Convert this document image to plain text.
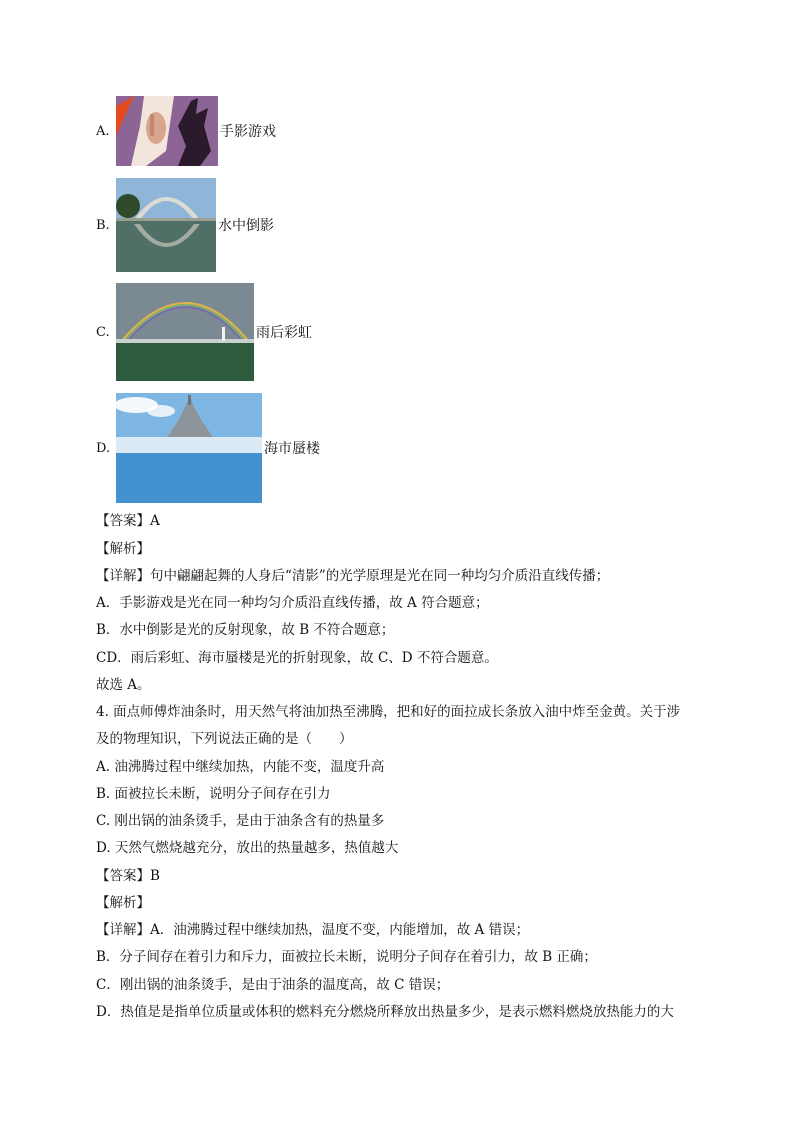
A.	手影游戏
B.	水中倒影
C.	雨后彩虹
D.	海市蜃楼
【答案】A
【解析】
【详解】句中翩翩起舞的人身后“清影”的光学原理是光在同一种均匀介质沿直线传播；
A．手影游戏是光在同一种均匀介质沿直线传播，故 A 符合题意；
B．水中倒影是光的反射现象，故 B 不符合题意；
CD．雨后彩虹、海市蜃楼是光的折射现象，故 C、D 不符合题意。
故选 A。
4. 面点师傅炸油条时，用天然气将油加热至沸腾，把和好的面拉成长条放入油中炸至金黄。关于涉
及的物理知识，下列说法正确的是（　　）
A. 油沸腾过程中继续加热，内能不变，温度升高
B. 面被拉长未断，说明分子间存在引力
C. 刚出锅的油条烫手，是由于油条含有的热量多
D. 天然气燃烧越充分，放出的热量越多，热值越大
【答案】B
【解析】
【详解】A．油沸腾过程中继续加热，温度不变，内能增加，故 A 错误；
B．分子间存在着引力和斥力，面被拉长未断，说明分子间存在着引力，故 B 正确；
C．刚出锅的油条烫手，是由于油条的温度高，故 C 错误；
D．热值是是指单位质量或体积的燃料充分燃烧所释放出热量多少，是表示燃料燃烧放热能力的大
